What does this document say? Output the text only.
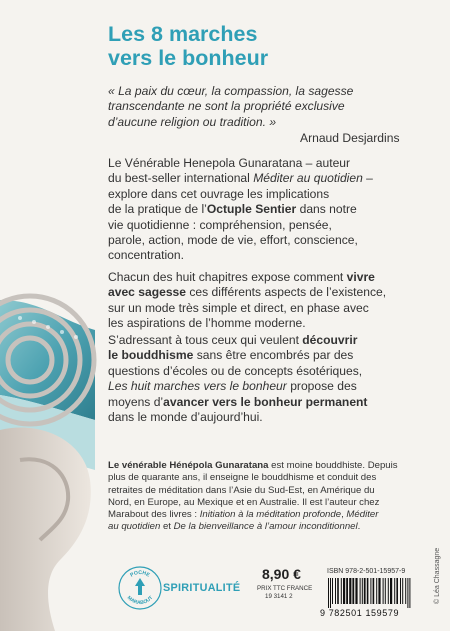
Les 8 marches
vers le bonheur
« La paix du cœur, la compassion, la sagesse
transcendante ne sont la propriété exclusive
d’aucune religion ou tradition. »
Arnaud Desjardins
Le Vénérable Henepola Gunaratana – auteur
du best-seller international Méditer au quotidien –
explore dans cet ouvrage les implications
de la pratique de l’Octuple Sentier dans notre
vie quotidienne : compréhension, pensée,
parole, action, mode de vie, effort, conscience,
concentration.
Chacun des huit chapitres expose comment vivre
avec sagesse ces différents aspects de l’existence,
sur un mode très simple et direct, en phase avec
les aspirations de l’homme moderne.
S’adressant à tous ceux qui veulent découvrir
le bouddhisme sans être encombrés par des
questions d’écoles ou de concepts ésotériques,
Les huit marches vers le bonheur propose des
moyens d’avancer vers le bonheur permanent
dans le monde d’aujourd’hui.
Le vénérable Hénépola Gunaratana est moine bouddhiste. Depuis
plus de quarante ans, il enseigne le bouddhisme et conduit des
retraites de méditation dans l’Asie du Sud-Est, en Amérique du
Nord, en Europe, au Mexique et en Australie. Il est l’auteur chez
Marabout des livres : Initiation à la méditation profonde, Méditer
au quotidien et De la bienveillance à l’amour inconditionnel.
POCHE
MARABOUT
SPIRITUALITÉ
8,90 €
PRIX TTC FRANCE
19 3141 2
ISBN 978-2-501-15957-9
9 782501 159579
© Léa Chassagne
